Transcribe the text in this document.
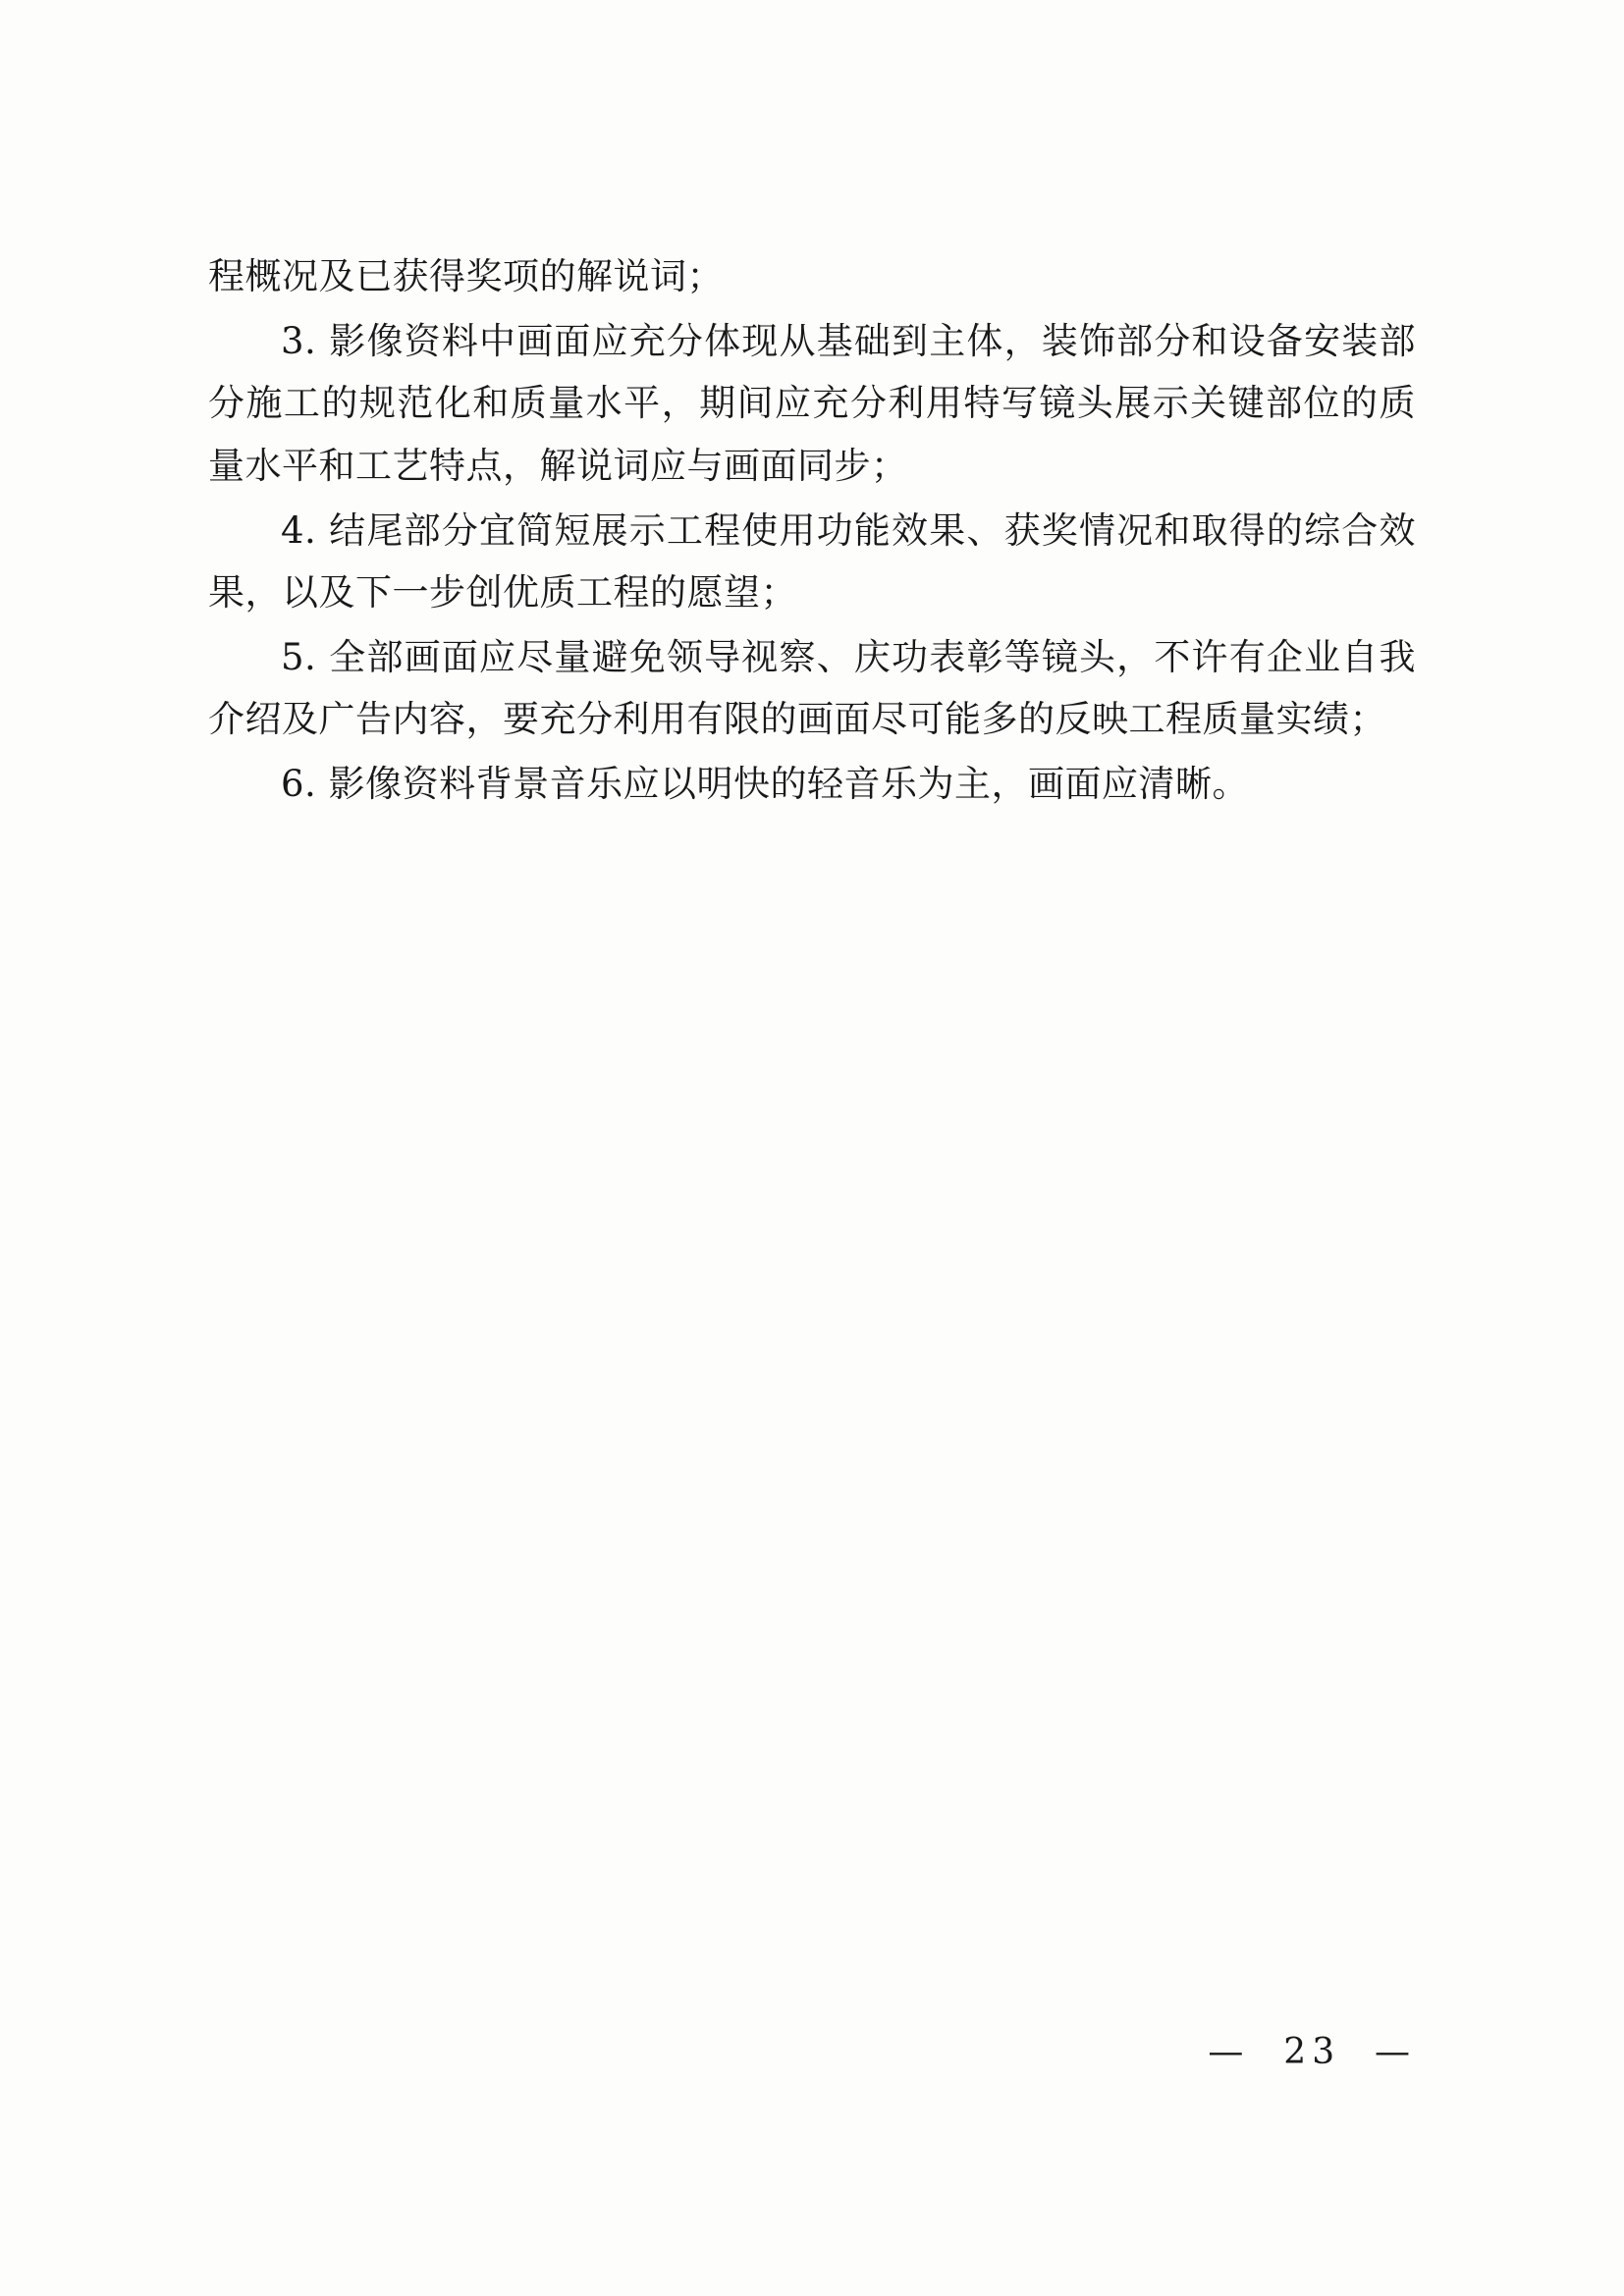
程概况及已获得奖项的解说词；

3. 影像资料中画面应充分体现从基础到主体，装饰部分和设备安装部分施工的规范化和质量水平，期间应充分利用特写镜头展示关键部位的质量水平和工艺特点，解说词应与画面同步；

4. 结尾部分宜简短展示工程使用功能效果、获奖情况和取得的综合效果，以及下一步创优质工程的愿望；

5. 全部画面应尽量避免领导视察、庆功表彰等镜头，不许有企业自我介绍及广告内容，要充分利用有限的画面尽可能多的反映工程质量实绩；

6. 影像资料背景音乐应以明快的轻音乐为主，画面应清晰。

—  23  —
